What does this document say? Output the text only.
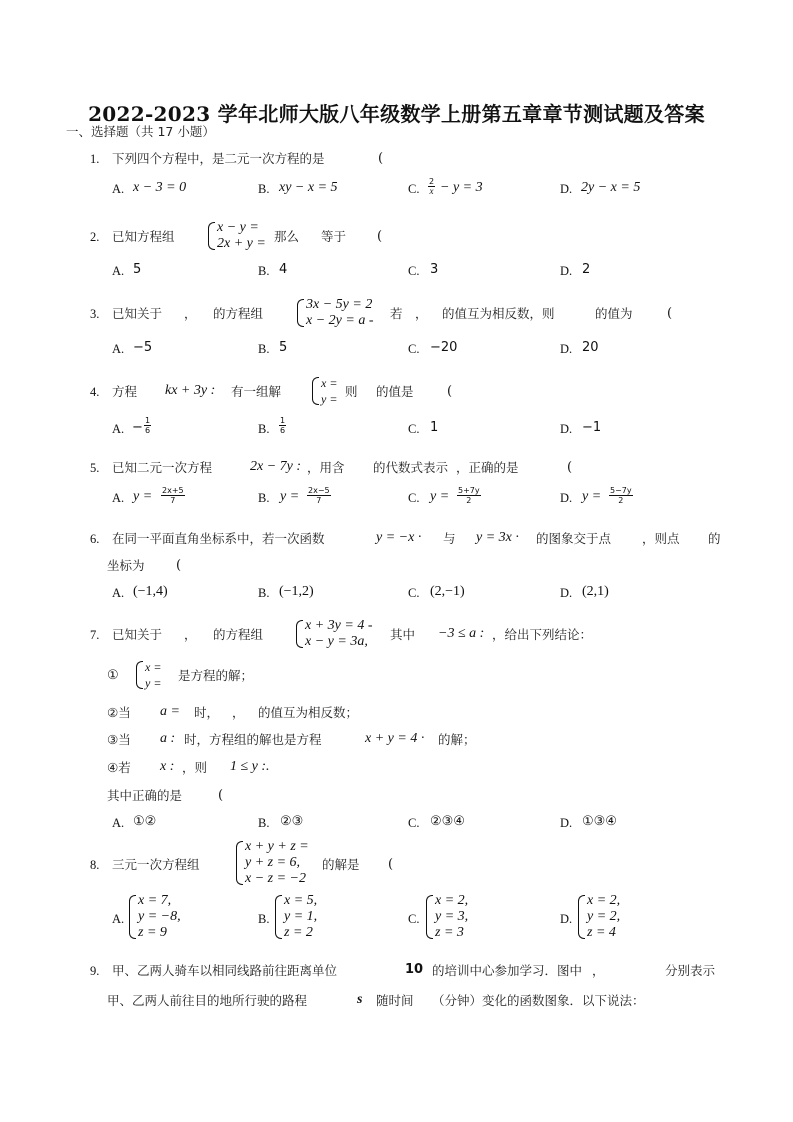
2022-2023 学年北师大版八年级数学上册第五章章节测试题及答案
一、选择题（共 17 小题）
1. 下列四个方程中，是二元一次方程的是	(
A. x − 3 = 0	B. xy − x = 5	C. $\frac{2}{x} - y = 3$	D. 2y − x = 5
2. 已知方程组
x − y =
2x + y = 那么 等于 (
A. 5	B. 4	C. 3	D. 2
3. 已知关于 ， 的方程组
3x − 5y = 2
x − 2y = a - 若 ， 的值互为相反数，则	的值为	(
A. −5	B. 5	C. −20	D. 20
4. 方程 kx + 3y : 有一组解
x =
y = 则 的值是	(
A. − $\frac{1}{6}$	B. $\frac{1}{6}$	C. 1	D. −1
5. 已知二元一次方程	2x − 7y : ，用含 的代数式表示 ，正确的是	(
A. $y = \frac{2x+5}{7}$	B. $y = \frac{2x-5}{7}$	C. $y = \frac{5+7y}{2}$	D. $y = \frac{5-7y}{2}$
6. 在同一平面直角坐标系中，若一次函数	y = −x · 与 y = 3x · 的图象交于点 ，则点 的
坐标为 (
A. (−1,4)	B. (−1,2)	C. (2,−1)	D. (2,1)
7. 已知关于 ， 的方程组
x + 3y = 4 -
x − y = 3a,	其中 −3 ≤ a : ，给出下列结论：
①
x =
y = 是方程的解；
②当 a = 时， ， 的值互为相反数；
③当 a : 时，方程组的解也是方程	x + y = 4 · 的解；
④若 x : ，则 1 ≤ y :.
其中正确的是	(
A. ①②	B. ②③	C. ②③④	D. ①③④
8. 三元一次方程组
x + y + z =
y + z = 6,
x − z = −2
的解是 (
A.
x = 7,
y = −8,
z = 9
B.
x = 5,
y = 1,
z = 2
C.
x = 2,
y = 3,
z = 3
D.
x = 2,
y = 2,
z = 4
9. 甲、乙两人骑车以相同线路前往距离单位	10 的培训中心参加学习．图中 ，	分别表示
甲、乙两人前往目的地所行驶的路程	s 随时间 （分钟）变化的函数图象．以下说法：
